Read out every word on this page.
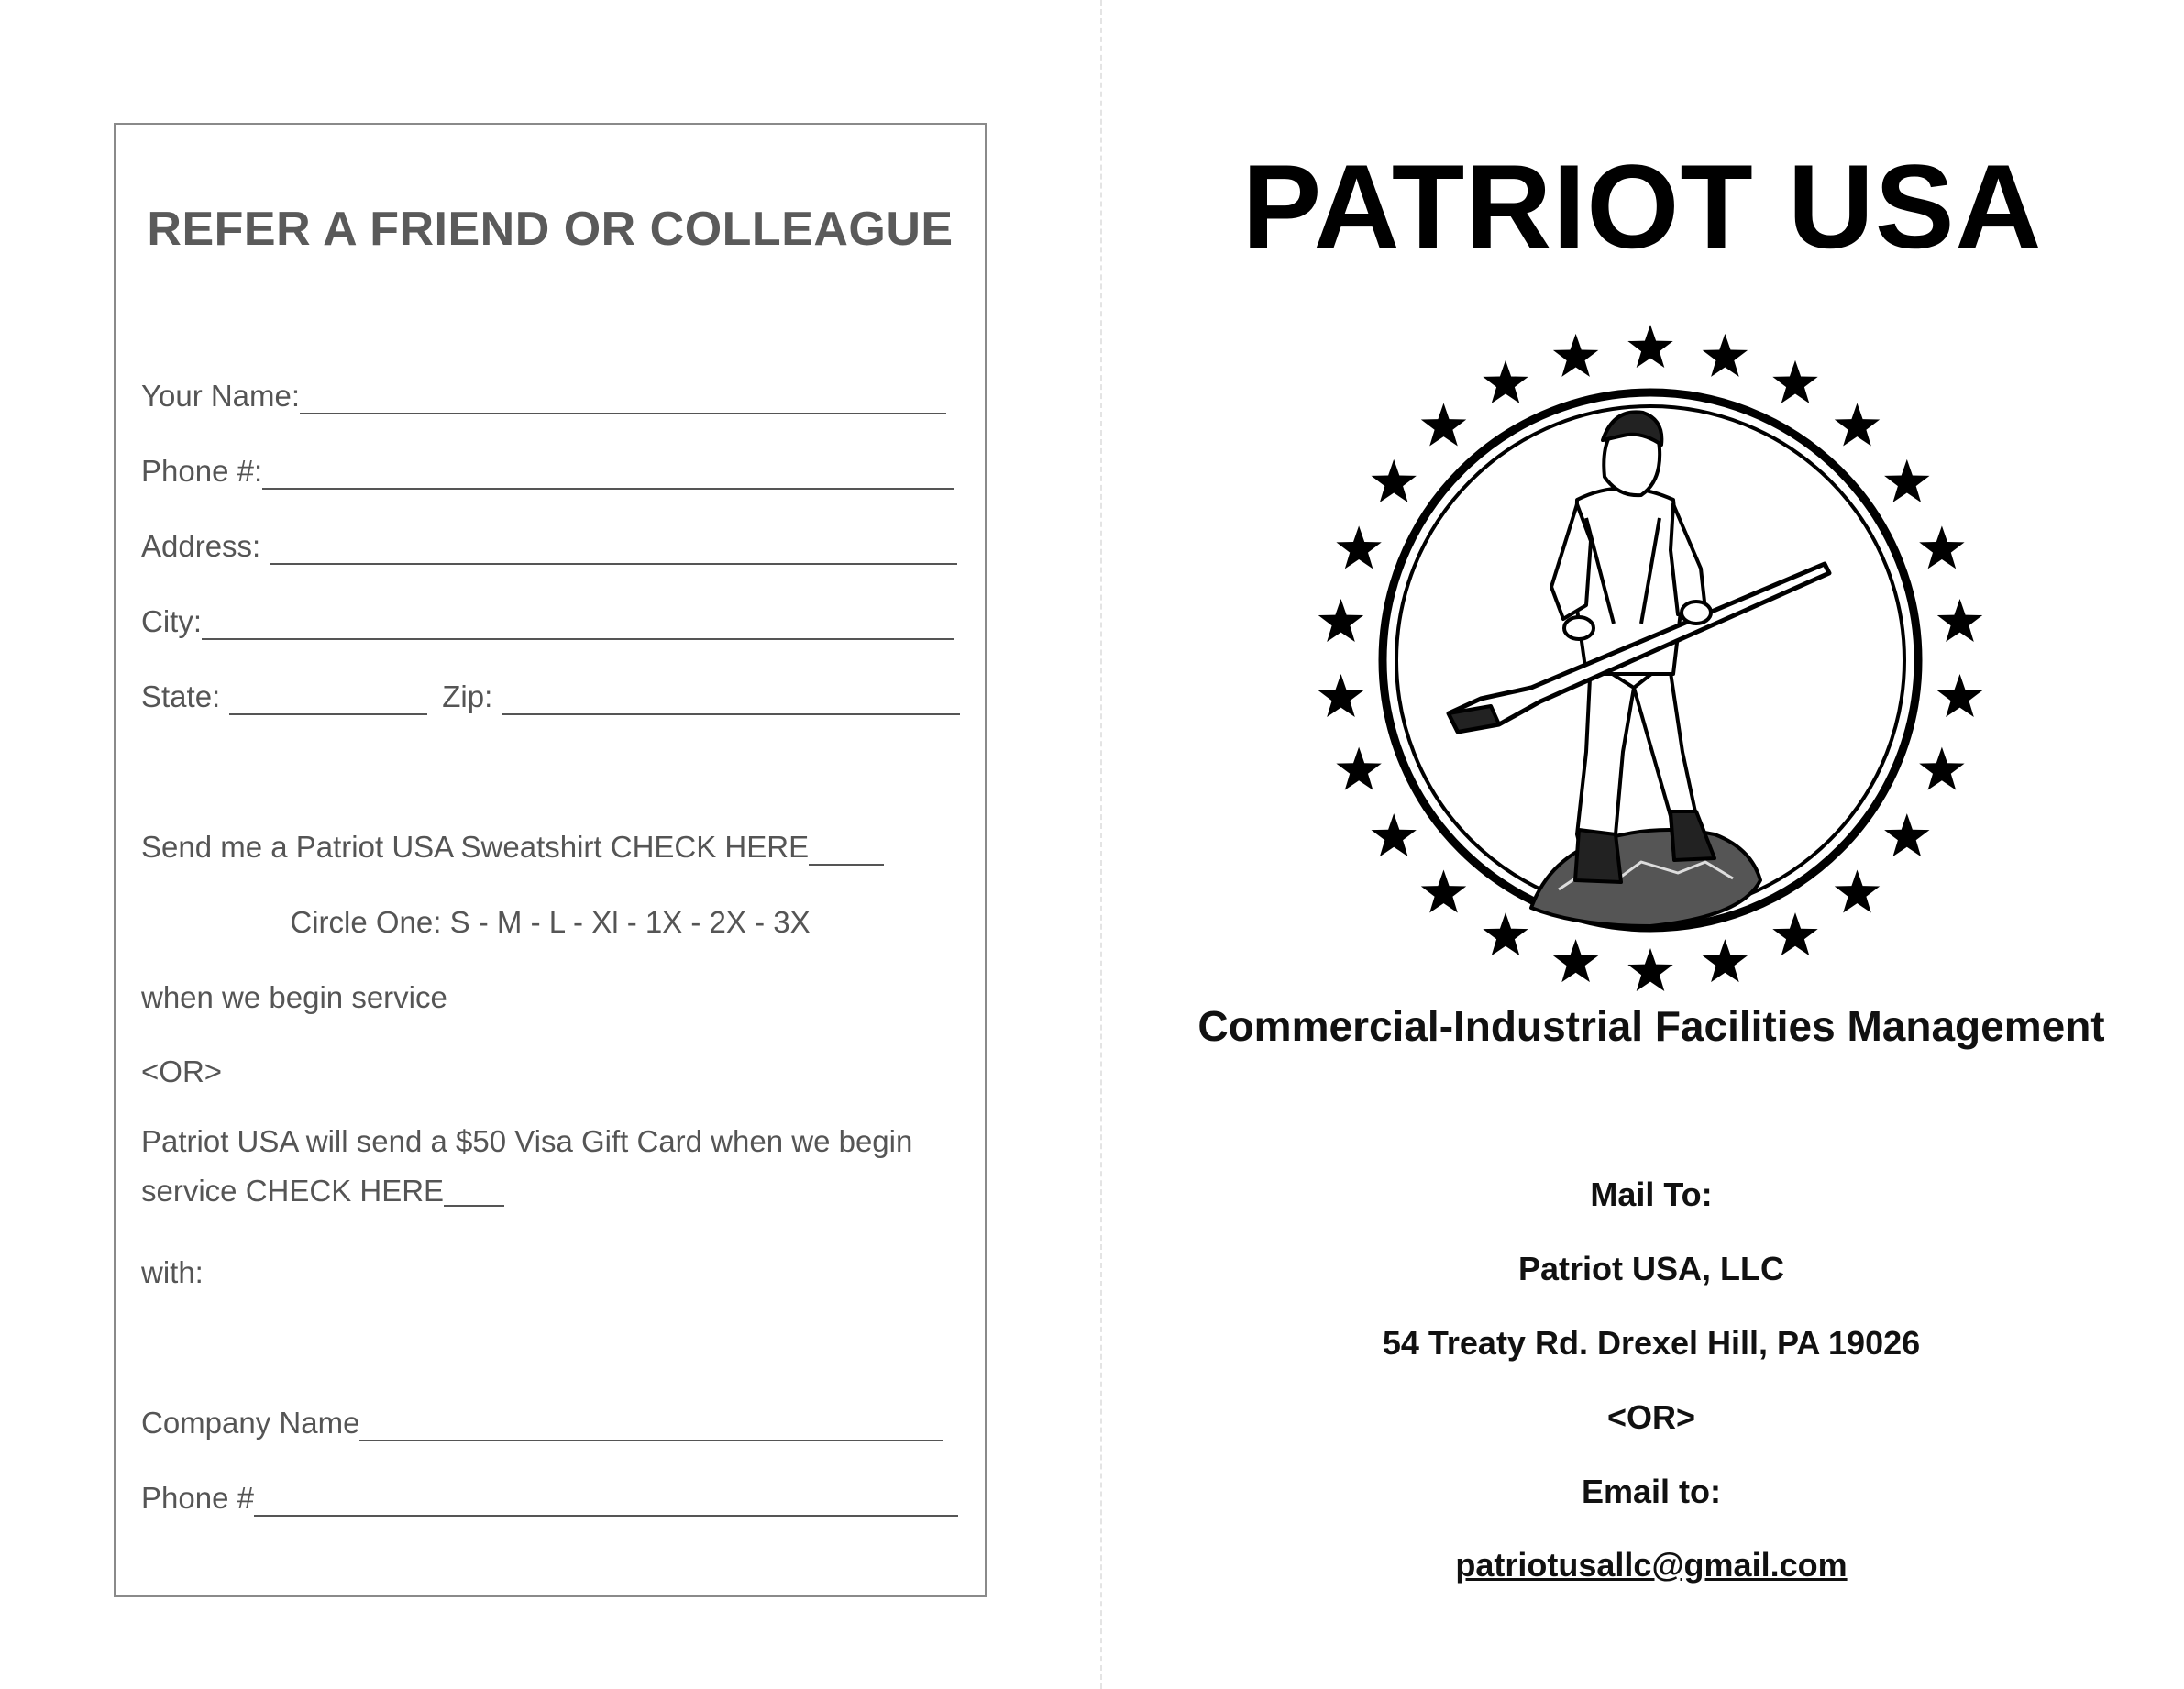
REFER A FRIEND OR COLLEAGUE
Your Name:
Phone #:
Address:
City:
State:	Zip:
Send me a Patriot USA Sweatshirt CHECK HERE
Circle One: S - M - L - Xl - 1X - 2X - 3X
when we begin service
<OR>
Patriot USA will send a $50 Visa Gift Card when we begin
service CHECK HERE
with:
Company Name
Phone #
PATRIOT USA
Commercial-Industrial Facilities Management
Mail To:
Patriot USA, LLC
54 Treaty Rd. Drexel Hill, PA 19026
<OR>
Email to:
patriotusallc@gmail.com
